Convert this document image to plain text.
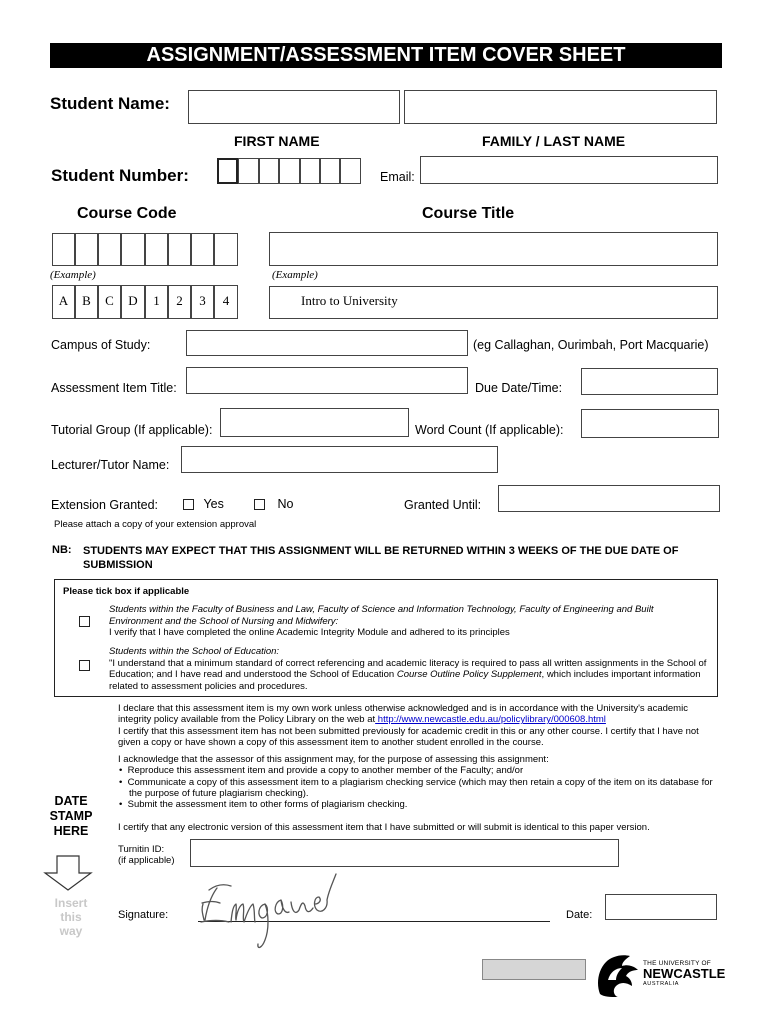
ASSIGNMENT/ASSESSMENT ITEM COVER SHEET
Student Name:
FIRST NAME	FAMILY / LAST NAME
Student Number:	Email:
Course Code	Course Title
(Example)	(Example)
A	B	C	D	1	2	3	4	Intro to University
Campus of Study:	(eg Callaghan, Ourimbah, Port Macquarie)
Assessment Item Title:	Due Date/Time:
Tutorial Group (If applicable):	Word Count (If applicable):
Lecturer/Tutor Name:
Extension Granted:	Yes	No	Granted Until:
Please attach a copy of your extension approval
NB: STUDENTS MAY EXPECT THAT THIS ASSIGNMENT WILL BE RETURNED WITHIN 3 WEEKS OF THE DUE DATE OF
SUBMISSION
Please tick box if applicable
Students within the Faculty of Business and Law, Faculty of Science and Information Technology, Faculty of Engineering and Built Environment and the School of Nursing and Midwifery:
I verify that I have completed the online Academic Integrity Module and adhered to its principles
Students within the School of Education:
"I understand that a minimum standard of correct referencing and academic literacy is required to pass all written assignments in the School of Education; and I have read and understood the School of Education Course Outline Policy Supplement, which includes important information related to assessment policies and procedures.

I declare that this assessment item is my own work unless otherwise acknowledged and is in accordance with the University's academic integrity policy available from the Policy Library on the web at http://www.newcastle.edu.au/policylibrary/000608.html

I certify that this assessment item has not been submitted previously for academic credit in this or any other course. I certify that I have not given a copy or have shown a copy of this assessment item to another student enrolled in the course.

I acknowledge that the assessor of this assignment may, for the purpose of assessing this assignment:

•  Reproduce this assessment item and provide a copy to another member of the Faculty; and/or
•  Communicate a copy of this assessment item to a plagiarism checking service (which may then retain a copy of the item on its database for the purpose of future plagiarism checking).
•  Submit the assessment item to other forms of plagiarism checking.

I certify that any electronic version of this assessment item that I have submitted or will submit is identical to this paper version.

DATE
STAMP
HERE
Insert
this
way
Turnitin ID:
(if applicable)
Signature:	Date:
THE UNIVERSITY OF
NEWCASTLE
AUSTRALIA
